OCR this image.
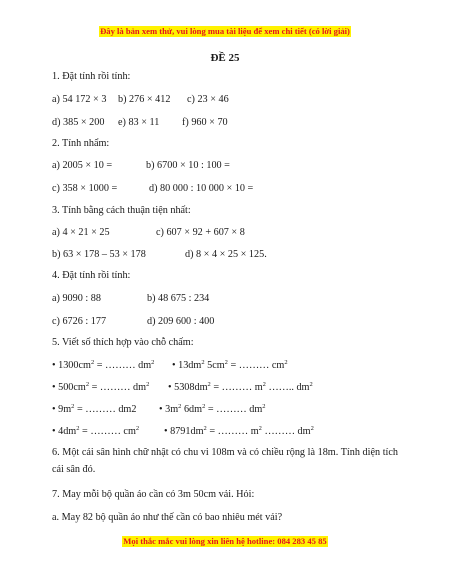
Đây là bản xem thử, vui lòng mua tài liệu để xem chi tiết (có lời giải)
ĐỀ 25
1. Đặt tính rồi tính:
a) 54 172 × 3 b) 276 × 412 c) 23 × 46
d) 385 × 200 e) 83 × 11 f) 960 × 70
2. Tính nhẩm:
a) 2005 × 10 =	b) 6700 × 10 : 100 =
c) 358 × 1000 =	d) 80 000 : 10 000 × 10 =
3. Tính bằng cách thuận tiện nhất:
a) 4 × 21 × 25	c) 607 × 92 + 607 × 8
b) 63 × 178 – 53 × 178	d) 8 × 4 × 25 × 125.
4. Đặt tính rồi tính:
a) 9090 : 88	b) 48 675 : 234
c) 6726 : 177	d) 209 600 : 400
5. Viết số thích hợp vào chỗ chấm:
• $1300cm^2$ = ……… $dm^2$ • $13dm^2$ $5cm^2$ = ……… $cm^2$
• $500cm^2$ = ……… $dm^2$ • $5308dm^2$ = ……… $m^2$ …….. $dm^2$
• $9m^2$ = ……… dm2 • $3m^2$ $6dm^2$ = ……… $dm^2$
• $4dm^2$ = ……… $cm^2$ • $8791dm^2$ = ……… $m^2$ ……… $dm^2$
6. Một cái sân hình chữ nhật có chu vi 108m và có chiều rộng là 18m. Tính diện tích cái sân đó.
7. May mỗi bộ quần áo cần có 3m 50cm vải. Hỏi:
a. May 82 bộ quần áo như thế cần có bao nhiêu mét vải?
Mọi thắc mắc vui lòng xin liên hệ hotline: 084 283 45 85
